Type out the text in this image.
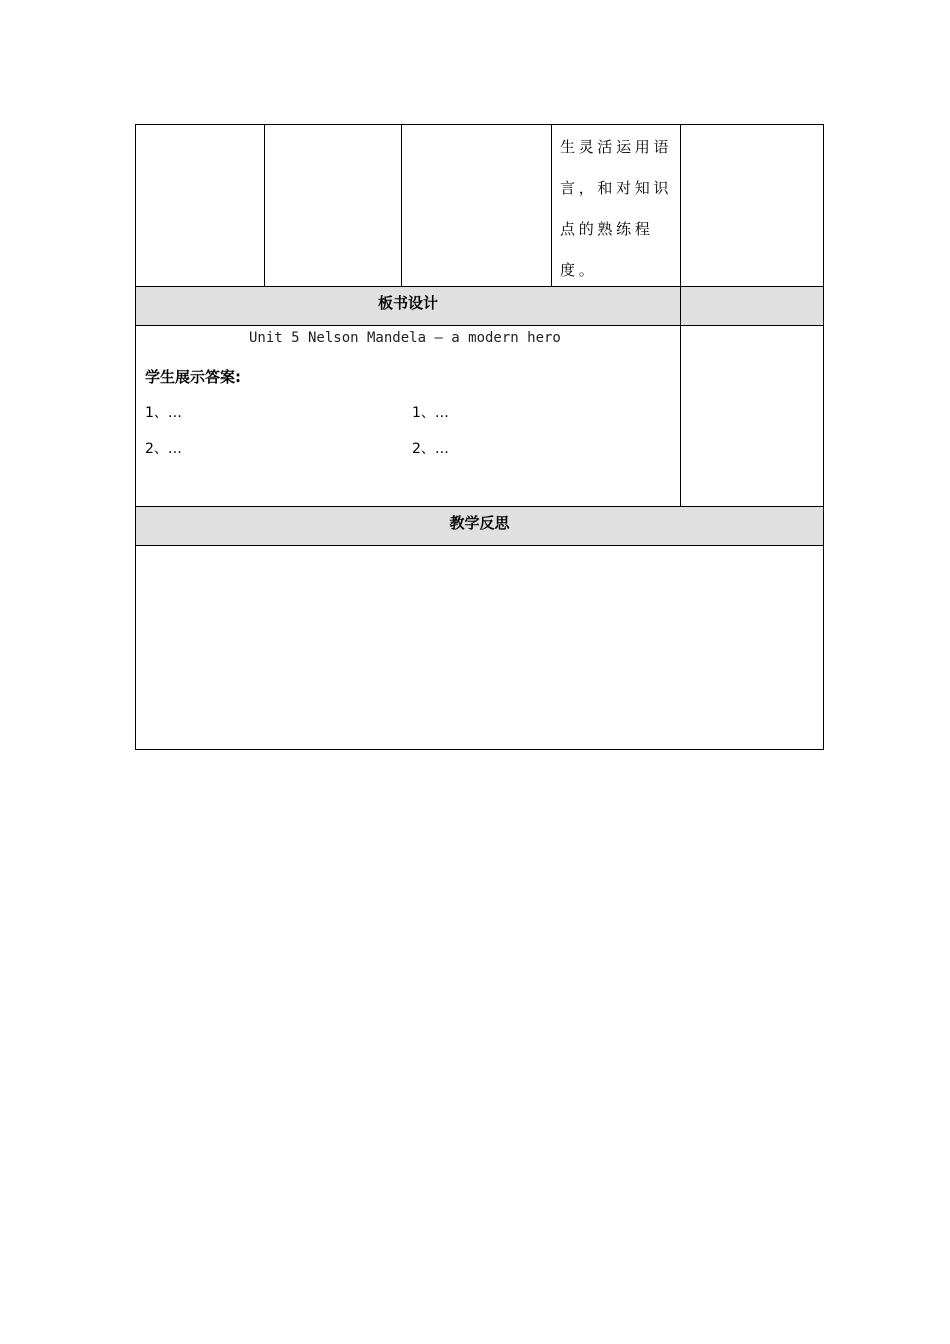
生灵活运用语
言，和对知识
点的熟练程
度。
板书设计
Unit 5 Nelson Mandela — a modern hero
学生展示答案:
1、…
2、…
1、…
2、…
教学反思
